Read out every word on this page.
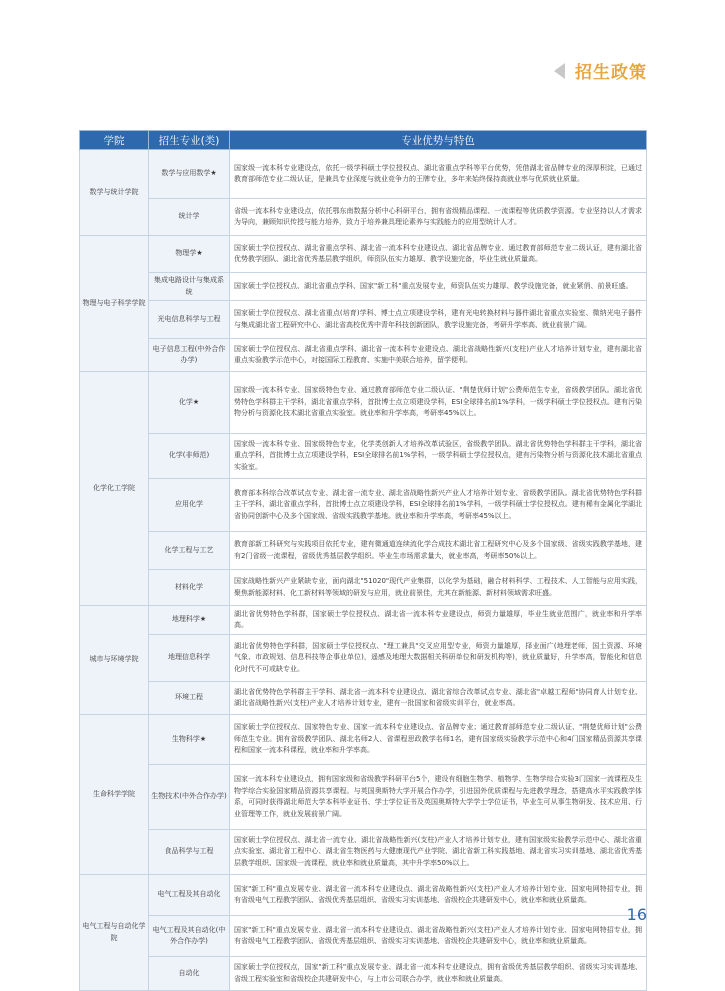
招生政策
学院	招生专业(类)	专业优势与特色
数学与统计学院	数学与应用数学★	国家级一流本科专业建设点，依托一级学科硕士学位授权点、湖北省重点学科等平台优势，凭借湖北省品牌专业的深厚积淀，已通过教育部师范专业二级认证，是兼具专业深度与就业竞争力的王牌专业，多年来始终保持高就业率与优质就业质量。
	统计学	省级一流本科专业建设点，依托鄂东南数据分析中心科研平台，拥有省级精品课程、一流课程等优质教学资源。专业坚持以人才需求为导向，兼顾知识传授与能力培养，致力于培养兼具理论素养与实践能力的应用型统计人才。
物理与电子科学学院	物理学★	国家硕士学位授权点、湖北省重点学科、湖北省一流本科专业建设点、湖北省品牌专业、通过教育部师范专业二级认证，建有湖北省优势教学团队、湖北省优秀基层教学组织，师资队伍实力雄厚、教学设施完备，毕业生就业质量高。
	集成电路设计与集成系统	国家硕士学位授权点、湖北省重点学科、国家"新工科"重点发展专业，师资队伍实力雄厚、教学设施完备，就业紧俏、前景旺盛。
	光电信息科学与工程	国家硕士学位授权点、湖北省重点(培育)学科、博士点立项建设学科，建有光电转换材料与器件湖北省重点实验室、微纳光电子器件与集成湖北省工程研究中心、湖北省高校优秀中青年科技创新团队，教学设施完备，考研升学率高、就业前景广阔。
	电子信息工程(中外合作办学)	国家硕士学位授权点、湖北省重点学科、湖北省一流本科专业建设点、湖北省战略性新兴(支柱)产业人才培养计划专业，建有湖北省重点实验教学示范中心，对接国际工程教育、实施中美联合培养，留学便利。
化学化工学院	化学★	国家级一流本科专业、国家级特色专业、通过教育部师范专业二级认证、"荆楚优师计划"公费师范生专业，省级教学团队。湖北省优势特色学科群主干学科，湖北省重点学科，首批博士点立项建设学科，ESI全球排名前1%学科，一级学科硕士学位授权点。建有污染物分析与资源化技术湖北省重点实验室。就业率和升学率高，考研率45%以上。
	化学(非师范)	国家级一流本科专业、国家级特色专业，化学类创新人才培养改革试验区，省级教学团队。湖北省优势特色学科群主干学科，湖北省重点学科，首批博士点立项建设学科，ESI全球排名前1%学科，一级学科硕士学位授权点，建有污染物分析与资源化技术湖北省重点实验室。
	应用化学	教育部本科综合改革试点专业、湖北省一流专业、湖北省战略性新兴产业人才培养计划专业、省级教学团队。湖北省优势特色学科群主干学科，湖北省重点学科，首批博士点立项建设学科，ESI全球排名前1%学科，一级学科硕士学位授权点。建有稀有金属化学湖北省协同创新中心及多个国家级、省级实践教学基地。就业率和升学率高，考研率45%以上。
	化学工程与工艺	教育部新工科研究与实践项目依托专业，建有微通道连续流化学合成技术湖北省工程研究中心及多个国家级、省级实践教学基地，建有2门省级一流课程，省级优秀基层教学组织。毕业生市场需求量大，就业率高，考研率50%以上。
	材料化学	国家战略性新兴产业紧缺专业，面向湖北"51020"现代产业集群，以化学为基础，融合材料科学、工程技术、人工智能与应用实践，聚焦新能源材料、化工新材料等领域的研发与应用，就业前景佳，尤其在新能源、新材料领域需求旺盛。
城市与环境学院	地理科学★	湖北省优势特色学科群，国家硕士学位授权点、湖北省一流本科专业建设点，师资力量雄厚，毕业生就业范围广，就业率和升学率高。
	地理信息科学	湖北省优势特色学科群，国家硕士学位授权点、"理工兼具"交叉应用型专业，师资力量雄厚，择业面广(地理老师，国土资源、环境气象、市政规划、信息科技等企事业单位)，遥感及地理大数据相关科研单位和研发机构等)，就业质量好，升学率高，智能化和信息化时代不可或缺专业。
	环境工程	湖北省优势特色学科群主干学科、湖北省一流本科专业建设点、湖北省综合改革试点专业、湖北省"卓越工程师"协同育人计划专业、湖北省战略性新兴(支柱)产业人才培养计划专业，建有一批国家和省级实训平台，就业率高。
生命科学学院	生物科学★	国家硕士学位授权点、国家特色专业、国家一流本科专业建设点、省品牌专业；通过教育部师范专业二级认证、"荆楚优师计划"公费师范生专业。拥有省级教学团队、湖北名师2人、省课程思政教学名师1名，建有国家级实验教学示范中心和4门国家精品资源共享课程和国家一流本科课程，就业率和升学率高。
	生物技术(中外合作办学)	国家一流本科专业建设点，拥有国家级和省级教学科研平台5个，建设有细胞生物学、植物学、生物学综合实验3门国家一流课程及生物学综合实验国家精品资源共享课程。与英国奥斯特大学开展合作办学，引进国外优质课程与先进教学理念，搭建高水平实践教学体系，可同时获得湖北师范大学本科毕业证书、学士学位证书及英国奥斯特大学学士学位证书，毕业生可从事生物研发、技术应用、行业管理等工作，就业发展前景广阔。
	食品科学与工程	国家硕士学位授权点、湖北省一流专业、湖北省战略性新兴(支柱)产业人才培养计划专业，建有国家级实验教学示范中心、湖北省重点实验室、湖北省工程中心、湖北省生物医药与大健康现代产业学院、湖北省新工科实践基地、湖北省实习实训基地、湖北省优秀基层教学组织、国家级一流课程，就业率和就业质量高，其中升学率50%以上。
电气工程与自动化学院	电气工程及其自动化	国家"新工科"重点发展专业、湖北省一流本科专业建设点、湖北省战略性新兴(支柱)产业人才培养计划专业、国家电网特招专业，拥有省级电气工程教学团队、省级优秀基层组织、省级实习实训基地、省级校企共建研发中心，就业率和就业质量高。
	电气工程及其自动化(中外合作办学)	国家"新工科"重点发展专业、湖北省一流本科专业建设点、湖北省战略性新兴(支柱)产业人才培养计划专业、国家电网特招专业，拥有省级电气工程教学团队、省级优秀基层组织、省级实习实训基地、省级校企共建研发中心，就业率和就业质量高。
	自动化	国家硕士学位授权点，国家"新工科"重点发展专业、湖北省一流本科专业建设点，拥有省级优秀基层教学组织、省级实习实训基地、省级工程实验室和省级校企共建研发中心，与上市公司联合办学，就业率和就业质量高。
16
